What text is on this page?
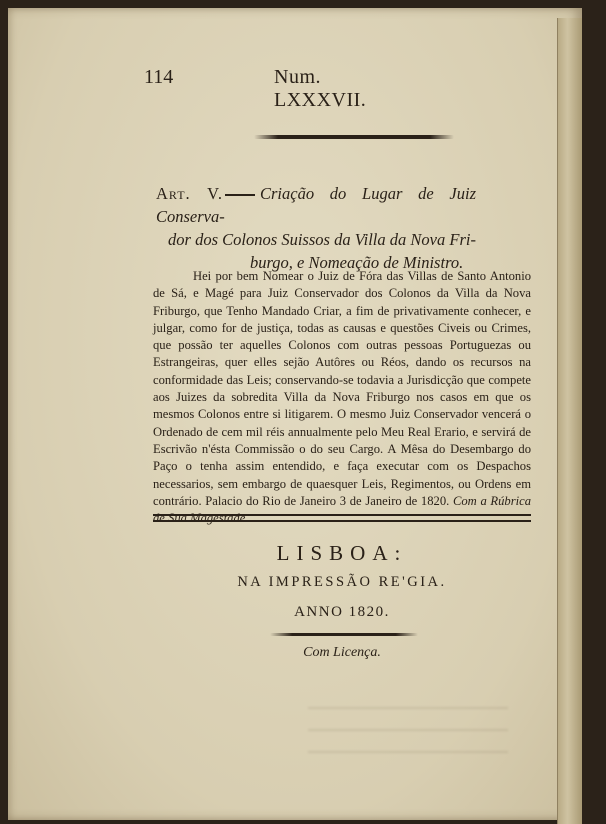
114	Num. LXXXVII.
Art. V. Criação do Lugar de Juiz Conserva-
dor dos Colonos Suissos da Villa da Nova Fri-
burgo, e Nomeação de Ministro.
Hei por bem Nomear o Juiz de Fóra das Villas de Santo Antonio de Sá, e Magé para Juiz Conservador dos Colonos da Villa da Nova Friburgo, que Tenho Mandado Criar, a fim de privativamente conhecer, e julgar, como for de justiça, todas as causas e questões Civeis ou Crimes, que possão ter aquelles Colonos com outras pessoas Portuguezas ou Estrangeiras, quer elles sejão Autôres ou Réos, dando os recursos na conformidade das Leis; conservando-se todavia a Jurisdicção que compete aos Juizes da sobredita Villa da Nova Friburgo nos casos em que os mesmos Colonos entre si litigarem. O mesmo Juiz Conservador vencerá o Ordenado de cem mil réis annualmente pelo Meu Real Erario, e servirá de Escrivão n'ésta Commissão o do seu Cargo. A Mêsa do Desembargo do Paço o tenha assim entendido, e faça executar com os Despachos necessarios, sem embargo de quaesquer Leis, Regimentos, ou Ordens em contrário. Palacio do Rio de Janeiro 3 de Janeiro de 1820. Com a Rúbrica de Sua Magestade.
LISBOA:
NA IMPRESSÃO RE'GIA.
ANNO 1820.
Com Licença.
